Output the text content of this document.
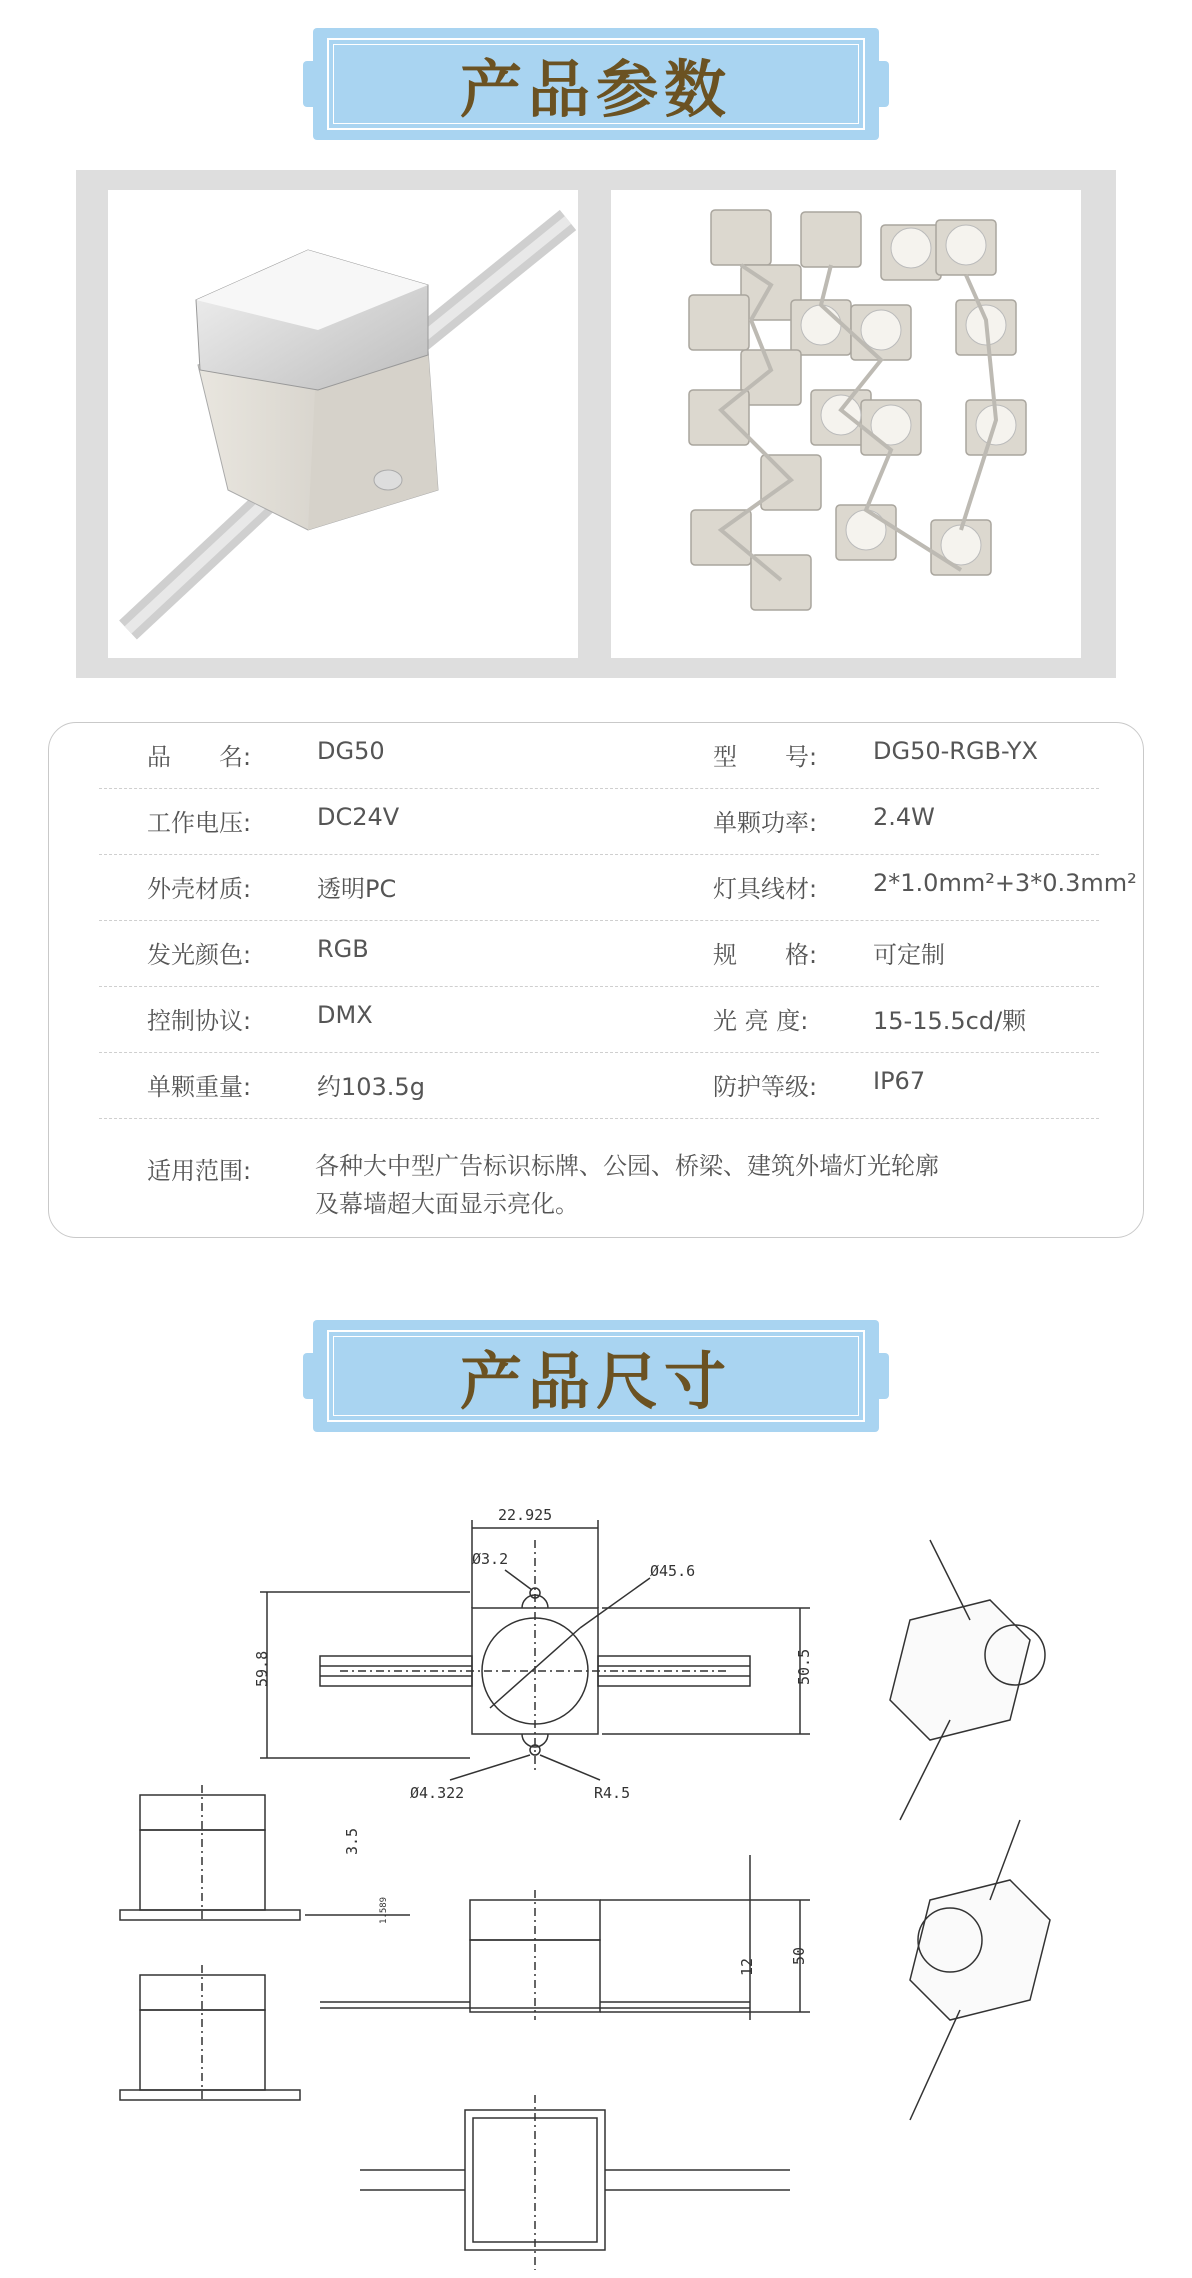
产品参数
品　　名:	DG50	型　　号: DG50-RGB-YX
工作电压:	DC24V	单颗功率: 2.4W
外壳材质:	透明PC	灯具线材: 2*1.0mm²+3*0.3mm²
发光颜色:	RGB	规　　格: 可定制
控制协议:	DMX	光 亮 度:	15-15.5cd/颗
单颗重量:	约103.5g	防护等级: IP67
适用范围:	各种大中型广告标识标牌、公园、桥梁、建筑外墙灯光轮廓
及幕墙超大面显示亮化。
产品尺寸
22.925
Ø3.2
Ø45.6
59.8	50.5
Ø4.322	R4.5
3.5
1.589
50
12
